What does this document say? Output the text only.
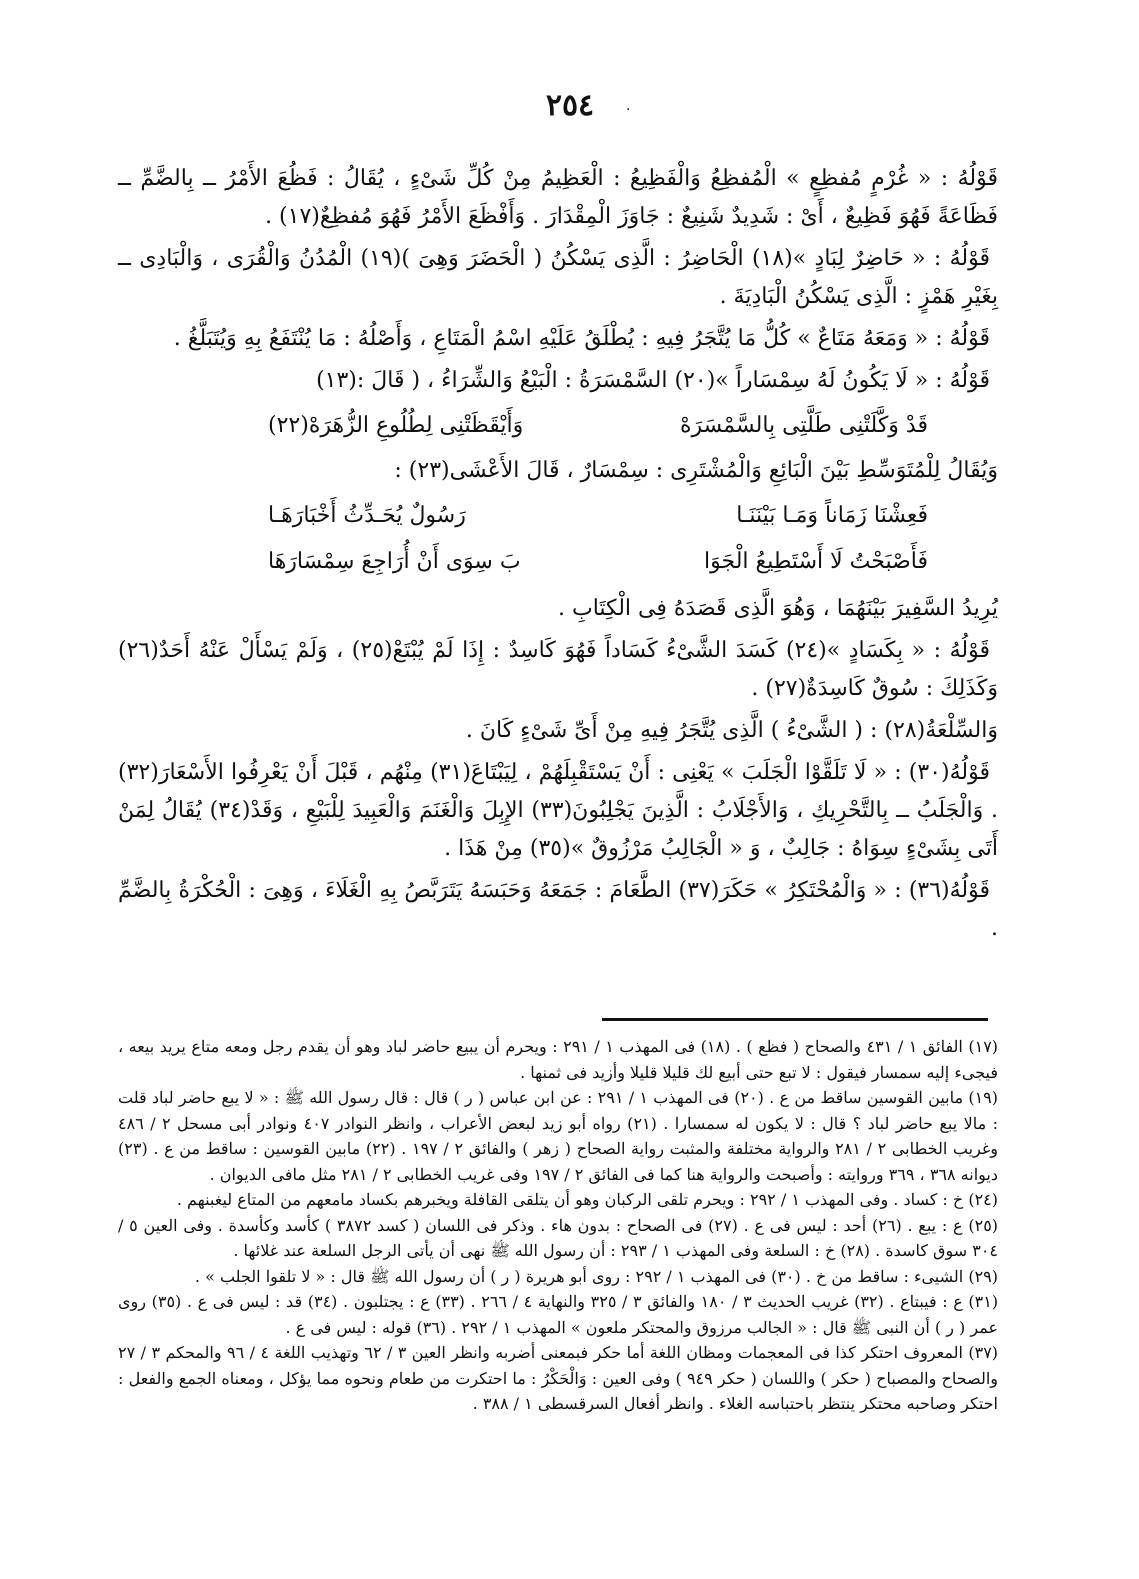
٢٥٤	.

قَوْلُهُ : « غُرْمٍ مُفظِعٍ » الْمُفظِعُ وَالْفَظِيعُ : الْعَظِيمُ مِنْ كُلِّ شَىْءٍ ، يُقَالُ : فَظُعَ الأَمْرُ ــ بِالضَّمِّ ــ فَظَاعَةً فَهُوَ فَظِيعٌ ، أَىْ : شَدِيدٌ شَنِيعٌ : جَاوَزَ الْمِقْدَارَ . وَأَفْظَعَ الأَمْرُ فَهُوَ مُفظِعٌ(١٧) .

قَوْلُهُ : « حَاضِرٌ لِبَادٍ »(١٨) الْحَاضِرُ : الَّذِى يَسْكُنُ ( الْحَضَرَ وَهِىَ )(١٩) الْمُدُنُ وَالْقُرَى ، وَالْبَادِى ــ بِغَيْرِ هَمْزٍ : الَّذِى يَسْكُنُ الْبَادِيَةَ .

قَوْلُهُ : « وَمَعَهُ مَتَاعٌ » كُلُّ مَا يُتَّجَرُ فِيهِ : يُطْلَقُ عَلَيْهِ اسْمُ الْمَتَاعِ ، وَأَصْلُهُ : مَا يُنْتَفَعُ بِهِ وَيُتَبَلَّغُ .

قَوْلُهُ : « لَا يَكُونُ لَهُ سِمْسَاراً »(٢٠) السَّمْسَرَةُ : الْبَيْعُ وَالشِّرَاءُ ، ( قَالَ :(١٣)

قَدْ وَكَّلَتْنِى طَلَّتِى بِالسَّمْسَرَهْ
وَأَيْقَظَتْنِى لِطُلُوعِ الزُّهَرَهْ(٢٢)

وَيُقَالُ لِلْمُتَوَسِّطِ بَيْنَ الْبَائِعِ وَالْمُشْتَرِى : سِمْسَارٌ ، قَالَ الأَعْشَى(٢٣) :

فَعِشْنَا زَمَاناً وَمَـا بَيْنَنَـا
رَسُولٌ يُحَـدِّثُ أَخْبَارَهَـا
فَأَصْبَحْتُ لَا أَسْتَطِيعُ الْجَوَا
بَ سِوَى أَنْ أُرَاجِعَ سِمْسَارَهَا

يُرِيدُ السَّفِيرَ بَيْنَهُمَا ، وَهُوَ الَّذِى قَصَدَهُ فِى الْكِتَابِ .

قَوْلُهُ : « بِكَسَادٍ »(٢٤) كَسَدَ الشَّىْءُ كَسَاداً فَهُوَ كَاسِدٌ : إِذَا لَمْ يُبْتَعْ(٢٥) ، وَلَمْ يَسْأَلْ عَنْهُ أَحَدٌ(٢٦) وَكَذَلِكَ : سُوقٌ كَاسِدَةٌ(٢٧) .

وَالسِّلْعَةُ(٢٨) : ( الشَّىْءُ ) الَّذِى يُتَّجَرُ فِيهِ مِنْ أَىِّ شَىْءٍ كَانَ .

قَوْلُهُ(٣٠) : « لَا تَلَقَّوْا الْجَلَبَ » يَعْنِى : أَنْ يَسْتَقْبِلَهُمْ ، لِيَبْتَاعَ(٣١) مِنْهُم ، قَبْلَ أَنْ يَعْرِفُوا الأَسْعَارَ(٣٢) . وَالْجَلَبُ ــ بِالتَّحْرِيكِ ، وَالأَجْلَابُ : الَّذِينَ يَجْلِبُونَ(٣٣) الإِبِلَ وَالْغَنَمَ وَالْعَبِيدَ لِلْبَيْعِ ، وَقَدْ(٣٤) يُقَالُ لِمَنْ أَتَى بِشَىْءٍ سِوَاهُ : جَالِبٌ ، وَ « الْجَالِبُ مَرْزُوقٌ »(٣٥) مِنْ هَذَا .

قَوْلُهُ(٣٦) : « وَالْمُحْتَكِرُ » حَكَرَ(٣٧) الطَّعَامَ : جَمَعَهُ وَحَبَسَهُ يَتَرَبَّصُ بِهِ الْغَلَاءَ ، وَهِىَ : الْحُكْرَةُ بِالضَّمِّ .

(١٧) الفائق ١ / ٤٣١ والصحاح ( فظع ) . (١٨) فى المهذب ١ / ٢٩١ : ويحرم أن يبيع حاضر لباد وهو أن يقدم رجل ومعه متاع يريد بيعه ، فيجىء إليه سمسار فيقول : لا تبع حتى أبيع لك قليلا قليلا وأزيد فى ثمنها .

(١٩) مابين القوسين ساقط من ع . (٢٠) فى المهذب ١ / ٢٩١ : عن ابن عباس ( ر ) قال : قال رسول الله ﷺ : « لا يبع حاضر لباد قلت : مالا يبع حاضر لباد ؟ قال : لا يكون له سمسارا . (٢١) رواه أبو زيد لبعض الأعراب ، وانظر النوادر ٤٠٧ ونوادر أبى مسحل ٢ / ٤٨٦ وغريب الخطابى ٢ / ٢٨١ والرواية مختلفة والمثبت رواية الصحاح ( زهر ) والفائق ٢ / ١٩٧ . (٢٢) مابين القوسين : ساقط من ع . (٢٣) ديوانه ٣٦٨ ، ٣٦٩ وروايته : وأصبحت والرواية هنا كما فى الفائق ٢ / ١٩٧ وفى غريب الخطابى ٢ / ٢٨١ مثل مافى الديوان .

(٢٤) خ : كساد . وفى المهذب ١ / ٢٩٢ : ويحرم تلقى الركبان وهو أن يتلقى القافلة ويخبرهم بكساد مامعهم من المتاع ليغبنهم .

(٢٥) ع : يبع . (٢٦) أحد : ليس فى ع . (٢٧) فى الصحاح : بدون هاء . وذكر فى اللسان ( كسد ٣٨٧٢ ) كأسد وكأسدة . وفى العين ٥ / ٣٠٤ سوق كاسدة . (٢٨) خ : السلعة وفى المهذب ١ / ٢٩٣ : أن رسول الله ﷺ نهى أن يأتى الرجل السلعة عند غلائها .

(٢٩) الشيىء : ساقط من خ . (٣٠) فى المهذب ١ / ٢٩٢ : روى أبو هريرة ( ر ) أن رسول الله ﷺ قال : « لا تلقوا الجلب » .

(٣١) ع : فيبتاع . (٣٢) غريب الحديث ٣ / ١٨٠ والفائق ٣ / ٣٢٥ والنهاية ٤ / ٢٦٦ . (٣٣) ع : يجتلبون . (٣٤) قد : ليس فى ع . (٣٥) روى عمر ( ر ) أن النبى ﷺ قال : « الجالب مرزوق والمحتكر ملعون » المهذب ١ / ٢٩٢ . (٣٦) قوله : ليس فى ع .

(٣٧) المعروف احتكر كذا فى المعجمات ومظان اللغة أما حكر فبمعنى أضربه وانظر العين ٣ / ٦٢ وتهذيب اللغة ٤ / ٩٦ والمحكم ٣ / ٢٧ والصحاح والمصباح ( حكر ) واللسان ( حكر ٩٤٩ ) وفى العين : وَالْحَكْرُ : ما احتكرت من طعام ونحوه مما يؤكل ، ومعناه الجمع والفعل : احتكر وصاحبه محتكر ينتظر باحتباسه الغلاء . وانظر أفعال السرقسطى ١ / ٣٨٨ .
